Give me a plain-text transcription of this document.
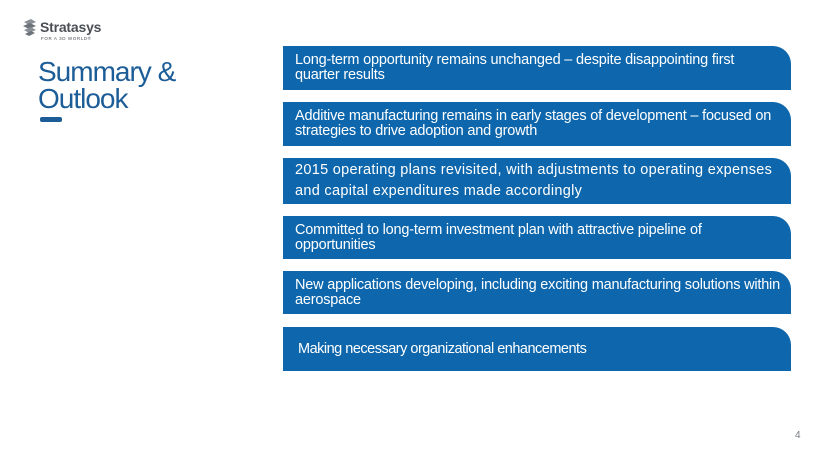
Stratasys
FOR A 3D WORLD®
Summary &
Outlook
Long-term opportunity remains unchanged – despite disappointing first quarter results
Additive manufacturing remains in early stages of development – focused on strategies to drive adoption and growth
2015 operating plans revisited, with adjustments to operating expenses and capital expenditures made accordingly
Committed to long-term investment plan with attractive pipeline of opportunities
New applications developing, including exciting manufacturing solutions within aerospace
Making necessary organizational enhancements
4
